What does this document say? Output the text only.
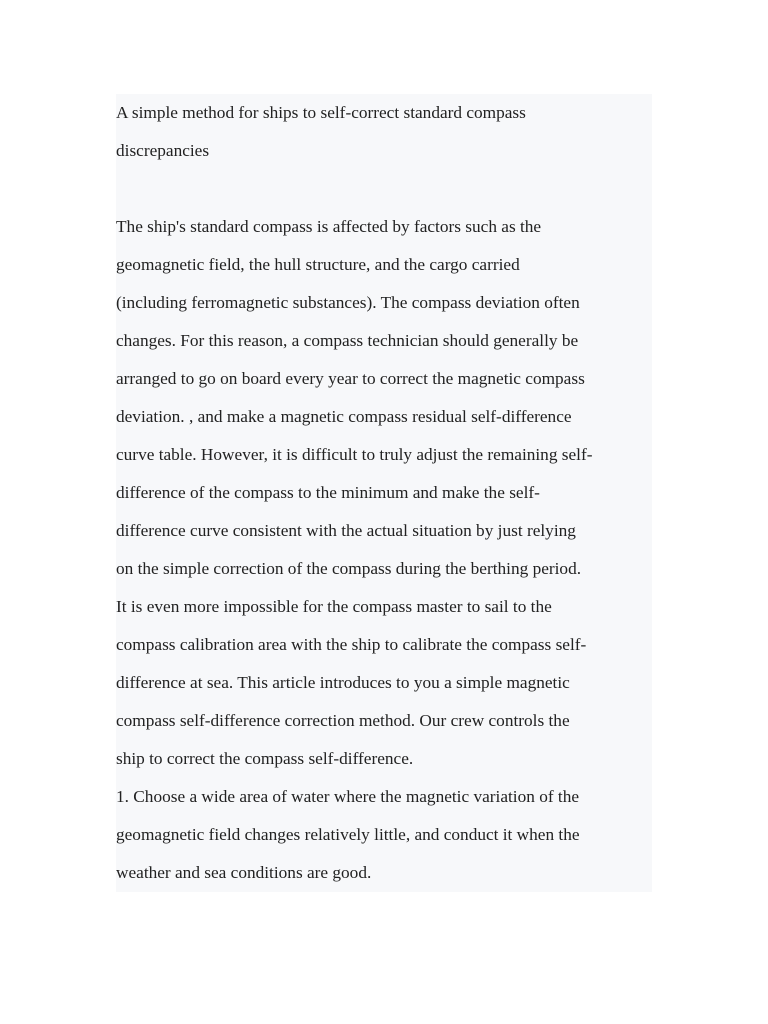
A simple method for ships to self-correct standard compass
discrepancies
The ship's standard compass is affected by factors such as the
geomagnetic field, the hull structure, and the cargo carried
(including ferromagnetic substances). The compass deviation often
changes. For this reason, a compass technician should generally be
arranged to go on board every year to correct the magnetic compass
deviation. , and make a magnetic compass residual self-difference
curve table. However, it is difficult to truly adjust the remaining self-
difference of the compass to the minimum and make the self-
difference curve consistent with the actual situation by just relying
on the simple correction of the compass during the berthing period.
It is even more impossible for the compass master to sail to the
compass calibration area with the ship to calibrate the compass self-
difference at sea. This article introduces to you a simple magnetic
compass self-difference correction method. Our crew controls the
ship to correct the compass self-difference.
1. Choose a wide area of water where the magnetic variation of the
geomagnetic field changes relatively little, and conduct it when the
weather and sea conditions are good.
